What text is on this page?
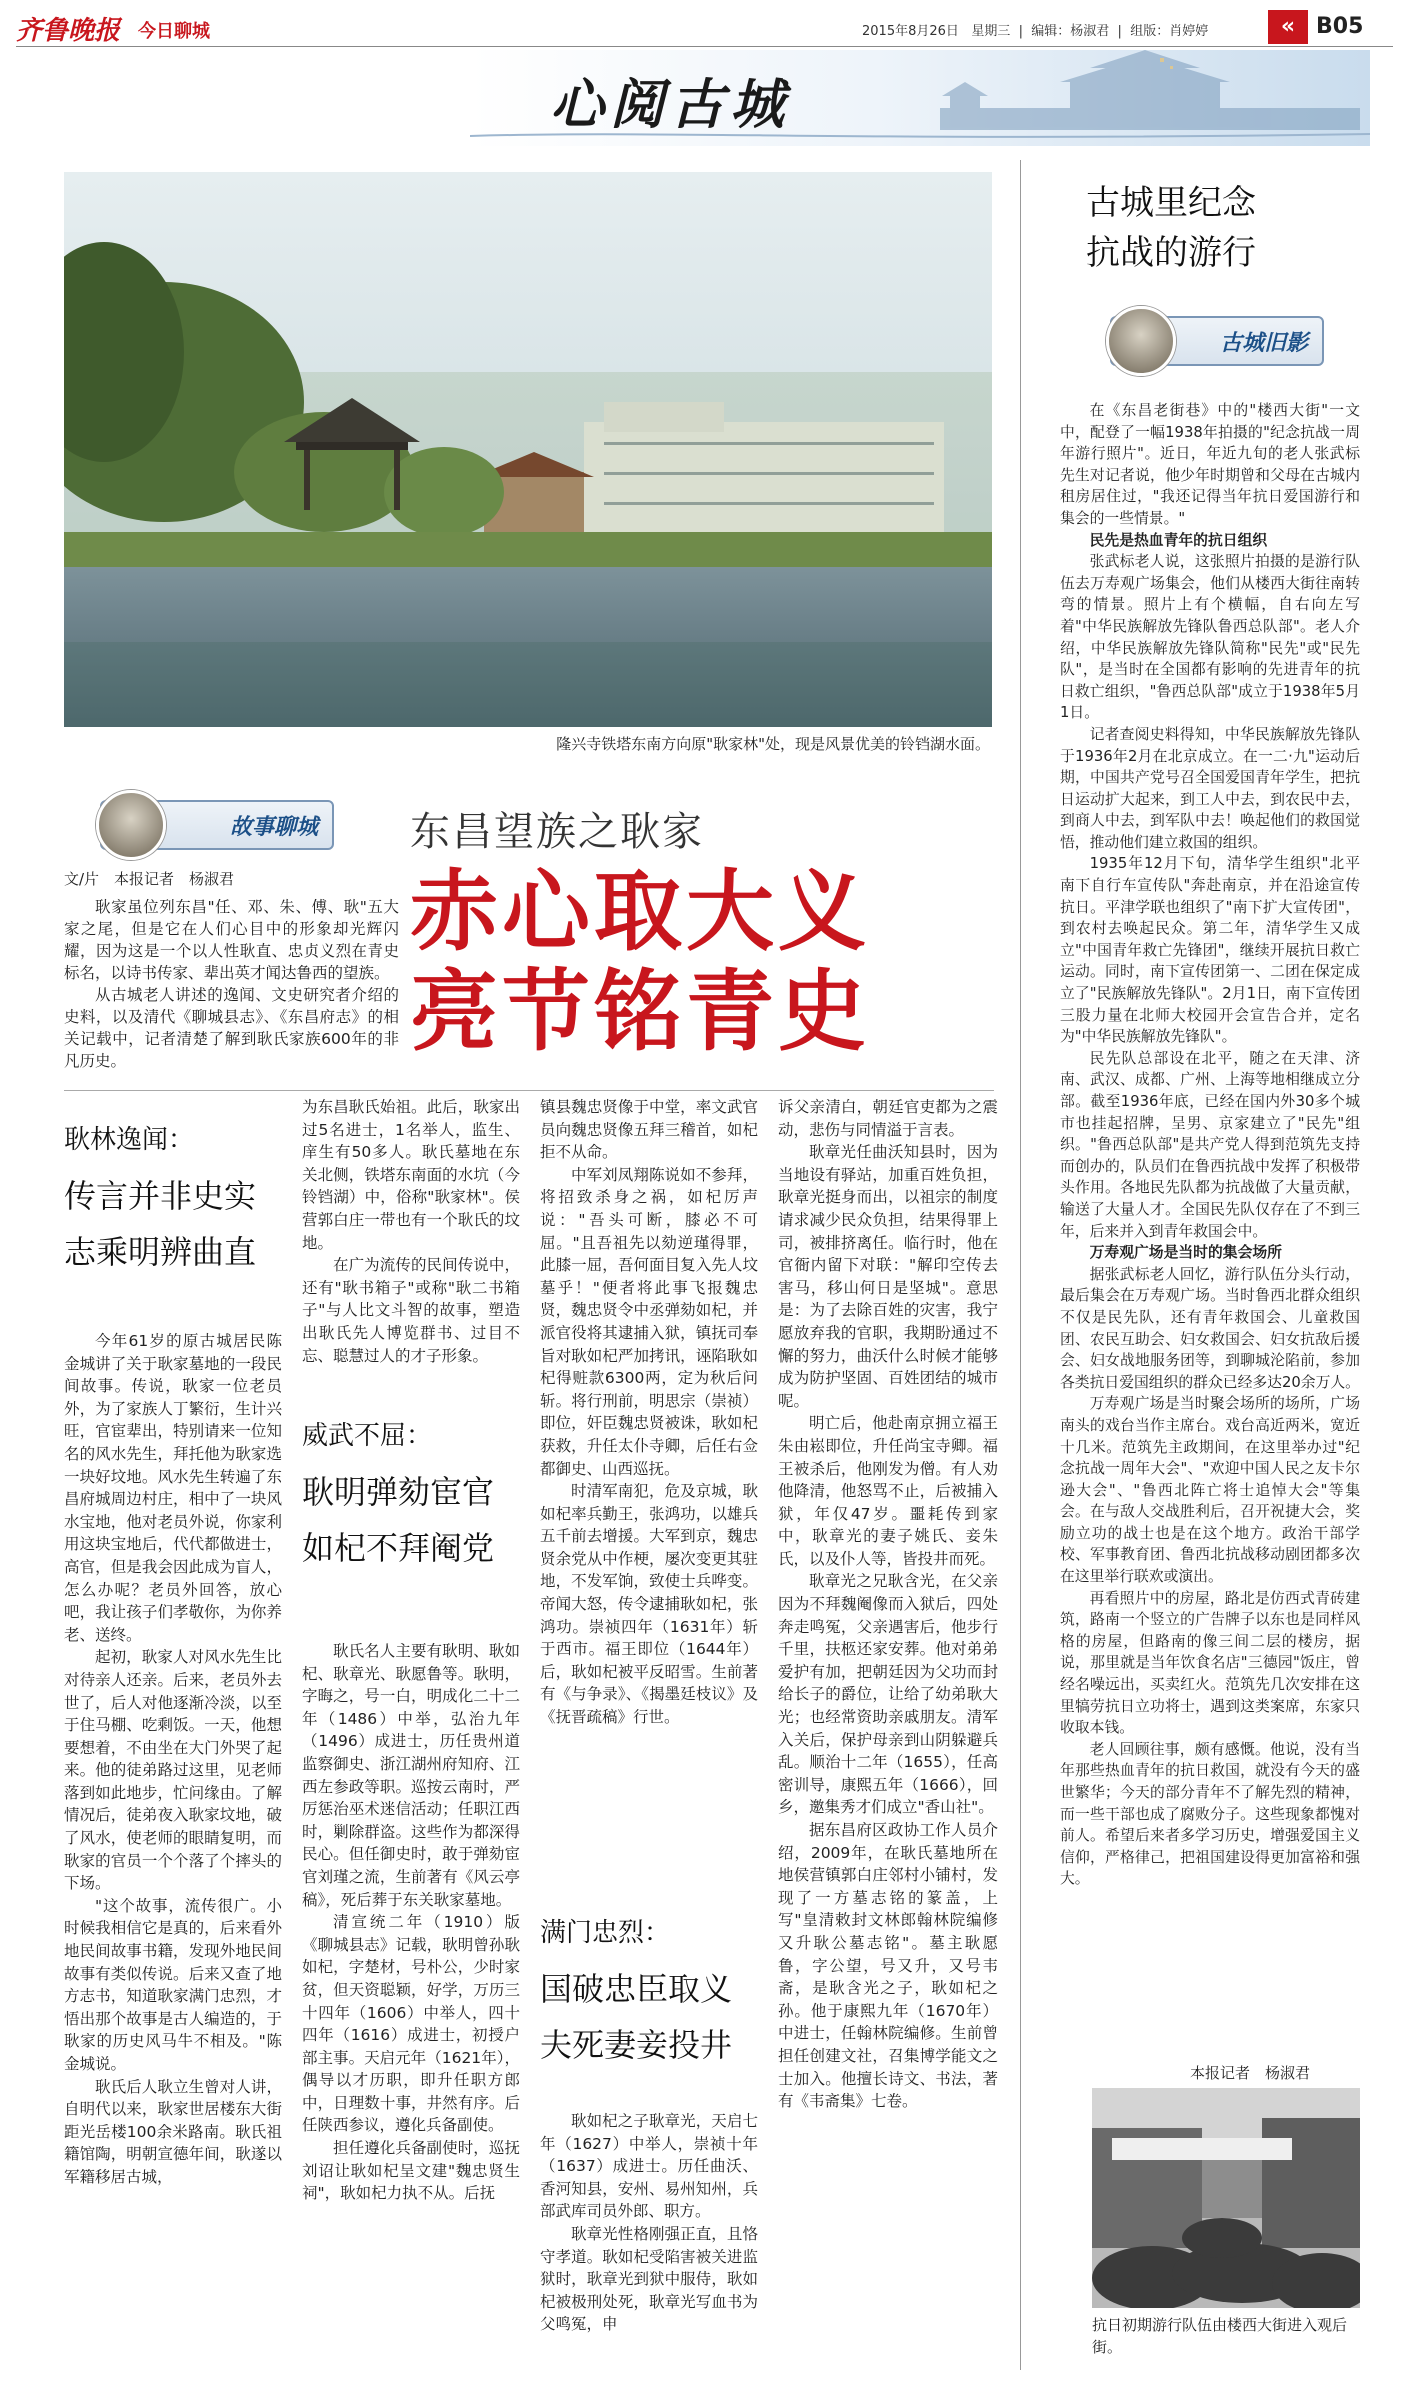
齐鲁晚报 今日聊城	2015年8月26日 星期三  |  编辑：杨淑君  |  组版：肖婷婷	« B05
心阅古城
隆兴寺铁塔东南方向原"耿家林"处，现是风景优美的铃铛湖水面。
故事聊城 东昌望族之耿家
赤心取大义
亮节铭青史
文/片　本报记者　杨淑君

耿家虽位列东昌"任、邓、朱、傅、耿"五大家之尾，但是它在人们心目中的形象却光辉闪耀，因为这是一个以人性耿直、忠贞义烈在青史标名，以诗书传家、辈出英才闻达鲁西的望族。

从古城老人讲述的逸闻、文史研究者介绍的史料，以及清代《聊城县志》、《东昌府志》的相关记载中，记者清楚了解到耿氏家族600年的非凡历史。

耿林逸闻：
传言并非史实
志乘明辨曲直

今年61岁的原古城居民陈金城讲了关于耿家墓地的一段民间故事。传说，耿家一位老员外，为了家族人丁繁衍，生计兴旺，官宦辈出，特别请来一位知名的风水先生，拜托他为耿家选一块好坟地。风水先生转遍了东昌府城周边村庄，相中了一块风水宝地，他对老员外说，你家利用这块宝地后，代代都做进士，高官，但是我会因此成为盲人，怎么办呢？老员外回答，放心吧，我让孩子们孝敬你，为你养老、送终。

起初，耿家人对风水先生比对待亲人还亲。后来，老员外去世了，后人对他逐渐冷淡，以至于住马棚、吃剩饭。一天，他想要想着，不由坐在大门外哭了起来。他的徒弟路过这里，见老师落到如此地步，忙问缘由。了解情况后，徒弟夜入耿家坟地，破了风水，使老师的眼睛复明，而耿家的官员一个个落了个摔头的下场。

"这个故事，流传很广。小时候我相信它是真的，后来看外地民间故事书籍，发现外地民间故事有类似传说。后来又查了地方志书，知道耿家满门忠烈，才悟出那个故事是古人编造的，于耿家的历史风马牛不相及。"陈金城说。

耿氏后人耿立生曾对人讲，自明代以来，耿家世居楼东大街距光岳楼100余米路南。耿氏祖籍馆陶，明朝宣德年间，耿遂以军籍移居古城，

为东昌耿氏始祖。此后，耿家出过5名进士，1名举人，监生、庠生有50多人。耿氏墓地在东关北侧，铁塔东南面的水坑（今铃铛湖）中，俗称"耿家林"。侯营郭白庄一带也有一个耿氏的坟地。

在广为流传的民间传说中，还有"耿书箱子"或称"耿二书箱子"与人比文斗智的故事，塑造出耿氏先人博览群书、过目不忘、聪慧过人的才子形象。

威武不屈：
耿明弹劾宦官
如杞不拜阉党

耿氏名人主要有耿明、耿如杞、耿章光、耿愿鲁等。耿明，字晦之，号一白，明成化二十二年（1486）中举，弘治九年（1496）成进士，历任贵州道监察御史、浙江湖州府知府、江西左参政等职。巡按云南时，严厉惩治巫术迷信活动；任职江西时，剿除群盗。这些作为都深得民心。但任御史时，敢于弹劾宦官刘瑾之流，生前著有《风云亭稿》，死后葬于东关耿家墓地。

清宣统二年（1910）版《聊城县志》记载，耿明曾孙耿如杞，字楚材，号朴公，少时家贫，但天资聪颖，好学，万历三十四年（1606）中举人，四十四年（1616）成进士，初授户部主事。天启元年（1621年），偶导以才历职，即升任职方郎中，日理数十事，井然有序。后任陕西参议，遵化兵备副使。

担任遵化兵备副使时，巡抚刘诏让耿如杞呈文建"魏忠贤生祠"，耿如杞力执不从。后抚

镇县魏忠贤像于中堂，率文武官员向魏忠贤像五拜三稽首，如杞拒不从命。

中军刘凤翔陈说如不参拜，将招致杀身之祸，如杞厉声说："吾头可断，膝必不可屈。"且吾祖先以劾逆瑾得罪，此膝一屈，吾何面目复入先人坟墓乎！"便者将此事飞报魏忠贤，魏忠贤令中丞弹劾如杞，并派官役将其逮捕入狱，镇抚司奉旨对耿如杞严加拷讯，诬陷耿如杞得赃款6300两，定为秋后问斩。将行刑前，明思宗（崇祯）即位，奸臣魏忠贤被诛，耿如杞获救，升任太仆寺卿，后任右佥都御史、山西巡抚。

时清军南犯，危及京城，耿如杞率兵勤王，张鸿功，以雄兵五千前去增援。大军到京，魏忠贤余党从中作梗，屡次变更其驻地，不发军饷，致使士兵哗变。帝闻大怒，传令逮捕耿如杞，张鸿功。崇祯四年（1631年）斩于西市。福王即位（1644年）后，耿如杞被平反昭雪。生前著有《与争录》、《揭墨廷枝议》及《抚晋疏稿》行世。

满门忠烈：
国破忠臣取义
夫死妻妾投井

耿如杞之子耿章光，天启七年（1627）中举人，崇祯十年（1637）成进士。历任曲沃、香河知县，安州、易州知州，兵部武库司员外郎、职方。

耿章光性格刚强正直，且恪守孝道。耿如杞受陷害被关进监狱时，耿章光到狱中服侍，耿如杞被极刑处死，耿章光写血书为父鸣冤，申

诉父亲清白，朝廷官吏都为之震动，悲伤与同情溢于言表。

耿章光任曲沃知县时，因为当地设有驿站，加重百姓负担，耿章光挺身而出，以祖宗的制度请求减少民众负担，结果得罪上司，被排挤离任。临行时，他在官衙内留下对联："解印空传去害马，移山何日是坚城"。意思是：为了去除百姓的灾害，我宁愿放弃我的官职，我期盼通过不懈的努力，曲沃什么时候才能够成为防护坚固、百姓团结的城市呢。

明亡后，他赴南京拥立福王朱由崧即位，升任尚宝寺卿。福王被杀后，他刚发为僧。有人劝他降清，他怒骂不止，后被捕入狱，年仅47岁。噩耗传到家中，耿章光的妻子姚氏、妾朱氏，以及仆人等，皆投井而死。

耿章光之兄耿含光，在父亲因为不拜魏阉像而入狱后，四处奔走鸣冤，父亲遇害后，他步行千里，扶柩还家安葬。他对弟弟爱护有加，把朝廷因为父功而封给长子的爵位，让给了幼弟耿大光；也经常资助亲戚朋友。清军入关后，保护母亲到山阴躲避兵乱。顺治十二年（1655），任高密训导，康熙五年（1666），回乡，邀集秀才们成立"香山社"。

据东昌府区政协工作人员介绍，2009年，在耿氏墓地所在地侯营镇郭白庄邻村小铺村，发现了一方墓志铭的篆盖，上写"皇清敕封文林郎翰林院编修又升耿公墓志铭"。墓主耿愿鲁，字公望，号又升，又号韦斋，是耿含光之子，耿如杞之孙。他于康熙九年（1670年）中进士，任翰林院编修。生前曾担任创建文社，召集博学能文之士加入。他擅长诗文、书法，著有《韦斋集》七卷。

古城里纪念
抗战的游行
古城旧影

在《东昌老街巷》中的"楼西大街"一文中，配登了一幅1938年拍摄的"纪念抗战一周年游行照片"。近日，年近九旬的老人张武标先生对记者说，他少年时期曾和父母在古城内租房居住过，"我还记得当年抗日爱国游行和集会的一些情景。"

民先是热血青年的抗日组织

张武标老人说，这张照片拍摄的是游行队伍去万寿观广场集会，他们从楼西大街往南转弯的情景。照片上有个横幅，自右向左写着"中华民族解放先锋队鲁西总队部"。老人介绍，中华民族解放先锋队简称"民先"或"民先队"，是当时在全国都有影响的先进青年的抗日救亡组织，"鲁西总队部"成立于1938年5月1日。

记者查阅史料得知，中华民族解放先锋队于1936年2月在北京成立。在一二·九"运动后期，中国共产党号召全国爱国青年学生，把抗日运动扩大起来，到工人中去，到农民中去，到商人中去，到军队中去！唤起他们的救国觉悟，推动他们建立救国的组织。

1935年12月下旬，清华学生组织"北平南下自行车宣传队"奔赴南京，并在沿途宣传抗日。平津学联也组织了"南下扩大宣传团"，到农村去唤起民众。第二年，清华学生又成立"中国青年救亡先锋团"，继续开展抗日救亡运动。同时，南下宣传团第一、二团在保定成立了"民族解放先锋队"。2月1日，南下宣传团三股力量在北师大校园开会宣告合并，定名为"中华民族解放先锋队"。

民先队总部设在北平，随之在天津、济南、武汉、成都、广州、上海等地相继成立分部。截至1936年底，已经在国内外30多个城市也挂起招牌，呈男、京家建立了"民先"组织。"鲁西总队部"是共产党人得到范筑先支持而创办的，队员们在鲁西抗战中发挥了积极带头作用。各地民先队都为抗战做了大量贡献，输送了大量人才。全国民先队仅存在了不到三年，后来并入到青年救国会中。

万寿观广场是当时的集会场所

据张武标老人回忆，游行队伍分头行动，最后集会在万寿观广场。当时鲁西北群众组织不仅是民先队，还有青年救国会、儿童救国团、农民互助会、妇女救国会、妇女抗敌后援会、妇女战地服务团等，到聊城沦陷前，参加各类抗日爱国组织的群众已经多达20余万人。

万寿观广场是当时聚会场所的场所，广场南头的戏台当作主席台。戏台高近两米，宽近十几米。范筑先主政期间，在这里举办过"纪念抗战一周年大会"、"欢迎中国人民之友卡尔逊大会"、"鲁西北阵亡将士追悼大会"等集会。在与敌人交战胜利后，召开祝捷大会，奖励立功的战士也是在这个地方。政治干部学校、军事教育团、鲁西北抗战移动剧团都多次在这里举行联欢或演出。

再看照片中的房屋，路北是仿西式青砖建筑，路南一个竖立的广告牌子以东也是同样风格的房屋，但路南的像三间二层的楼房，据说，那里就是当年饮食名店"三德园"饭庄，曾经名噪远出，买卖红火。范筑先几次安排在这里犒劳抗日立功将士，遇到这类案席，东家只收取本钱。

老人回顾往事，颇有感慨。他说，没有当年那些热血青年的抗日救国，就没有今天的盛世繁华；今天的部分青年不了解先烈的精神，而一些干部也成了腐败分子。这些现象都愧对前人。希望后来者多学习历史，增强爱国主义信仰，严格律己，把祖国建设得更加富裕和强大。

本报记者　杨淑君
抗日初期游行队伍由楼西大街进入观后街。
